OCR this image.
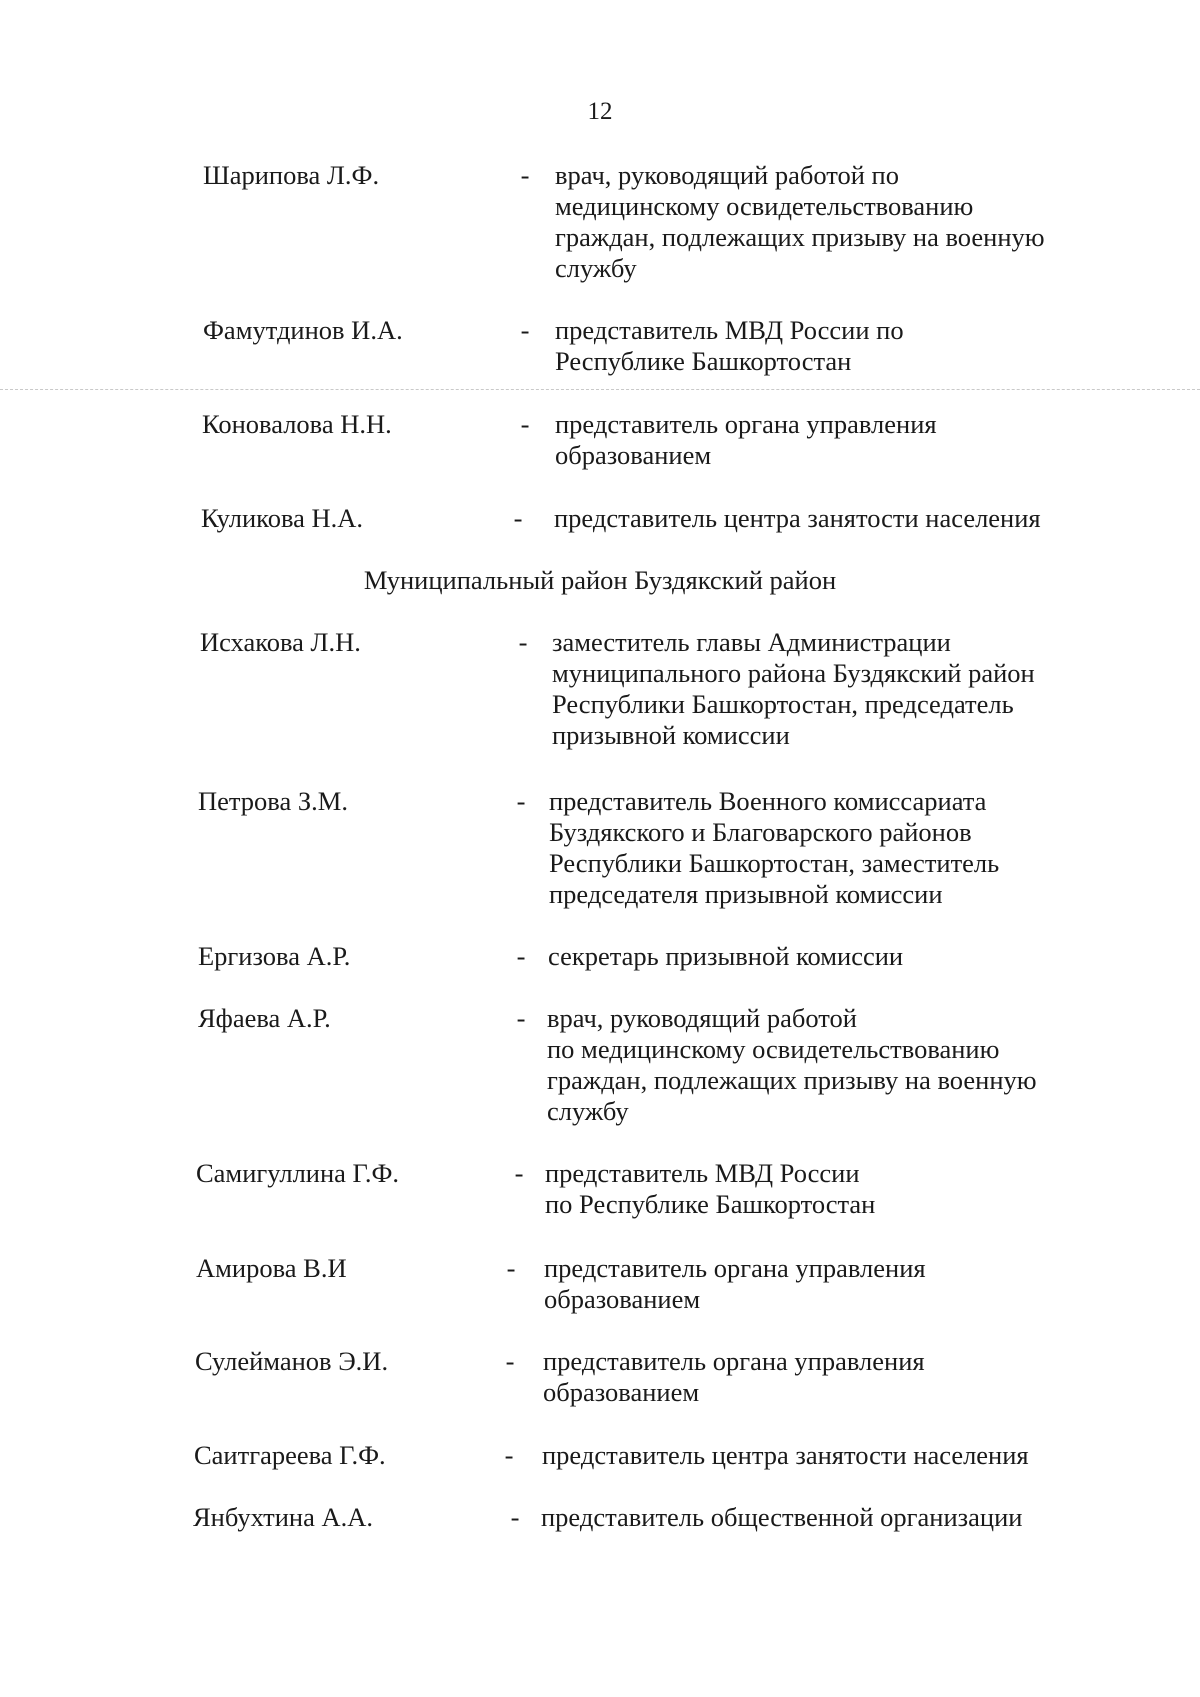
12
Шарипова Л.Ф.	- врач, руководящий работой по
медицинскому освидетельствованию
граждан, подлежащих призыву на военную
службу
Фамутдинов И.А.	- представитель МВД России по
Республике Башкортостан
Коновалова Н.Н.	- представитель органа управления
образованием
Куликова Н.А.	- представитель центра занятости населения
Муниципальный район Буздякский район
Исхакова Л.Н.	- заместитель главы Администрации
муниципального района Буздякский район
Республики Башкортостан, председатель
призывной комиссии
Петрова З.М.	- представитель Военного комиссариата
Буздякского и Благоварского районов
Республики Башкортостан, заместитель
председателя призывной комиссии
Ергизова А.Р.	- секретарь призывной комиссии
Яфаева А.Р.	- врач, руководящий работой
по медицинскому освидетельствованию
граждан, подлежащих призыву на военную
службу
Самигуллина Г.Ф.	- представитель МВД России
по Республике Башкортостан
Амирова В.И	- представитель органа управления
образованием
Сулейманов Э.И.	- представитель органа управления
образованием
Саитгареева Г.Ф.	- представитель центра занятости населения
Янбухтина А.А.	- представитель общественной организации
